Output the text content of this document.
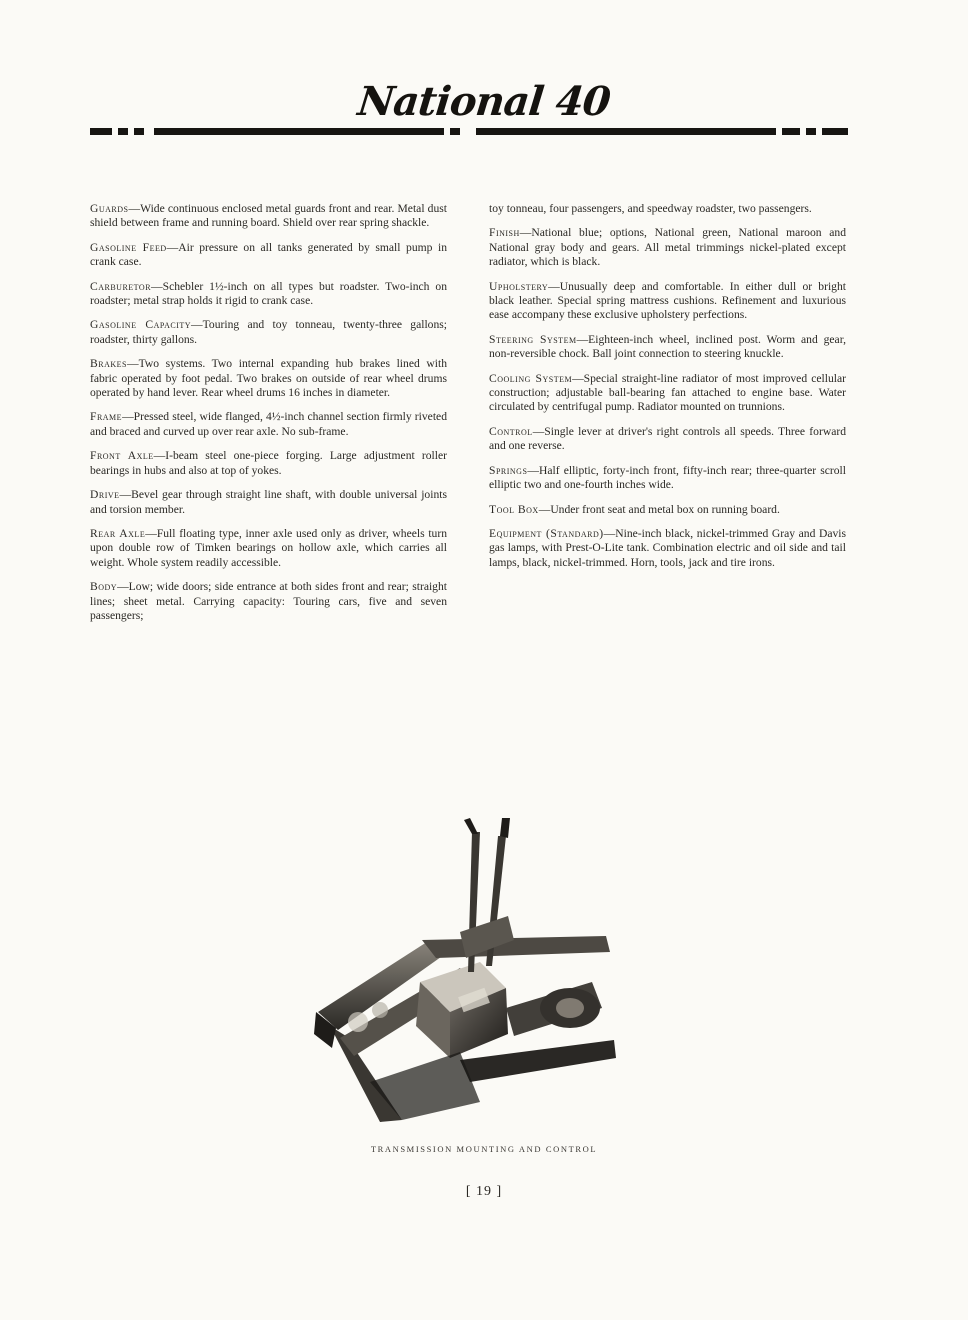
National 40

Guards—Wide continuous enclosed metal guards front and rear. Metal dust shield between frame and running board. Shield over rear spring shackle.

Gasoline Feed—Air pressure on all tanks generated by small pump in crank case.

Carburetor—Schebler 1½-inch on all types but roadster. Two-inch on roadster; metal strap holds it rigid to crank case.

Gasoline Capacity—Touring and toy tonneau, twenty-three gallons; roadster, thirty gallons.

Brakes—Two systems. Two internal expanding hub brakes lined with fabric operated by foot pedal. Two brakes on outside of rear wheel drums operated by hand lever. Rear wheel drums 16 inches in diameter.

Frame—Pressed steel, wide flanged, 4½-inch channel section firmly riveted and braced and curved up over rear axle. No sub-frame.

Front Axle—I-beam steel one-piece forging. Large adjustment roller bearings in hubs and also at top of yokes.

Drive—Bevel gear through straight line shaft, with double universal joints and torsion member.

Rear Axle—Full floating type, inner axle used only as driver, wheels turn upon double row of Timken bearings on hollow axle, which carries all weight. Whole system readily accessible.

Body—Low; wide doors; side entrance at both sides front and rear; straight lines; sheet metal. Carrying capacity: Touring cars, five and seven passengers;

toy tonneau, four passengers, and speedway roadster, two passengers.

Finish—National blue; options, National green, National maroon and National gray body and gears. All metal trimmings nickel-plated except radiator, which is black.

Upholstery—Unusually deep and comfortable. In either dull or bright black leather. Special spring mattress cushions. Refinement and luxurious ease accompany these exclusive upholstery perfections.

Steering System—Eighteen-inch wheel, inclined post. Worm and gear, non-reversible chock. Ball joint connection to steering knuckle.

Cooling System—Special straight-line radiator of most improved cellular construction; adjustable ball-bearing fan attached to engine base. Water circulated by centrifugal pump. Radiator mounted on trunnions.

Control—Single lever at driver's right controls all speeds. Three forward and one reverse.

Springs—Half elliptic, forty-inch front, fifty-inch rear; three-quarter scroll elliptic two and one-fourth inches wide.

Tool Box—Under front seat and metal box on running board.

Equipment (Standard)—Nine-inch black, nickel-trimmed Gray and Davis gas lamps, with Prest-O-Lite tank. Combination electric and oil side and tail lamps, black, nickel-trimmed. Horn, tools, jack and tire irons.

TRANSMISSION MOUNTING AND CONTROL
[ 19 ]
